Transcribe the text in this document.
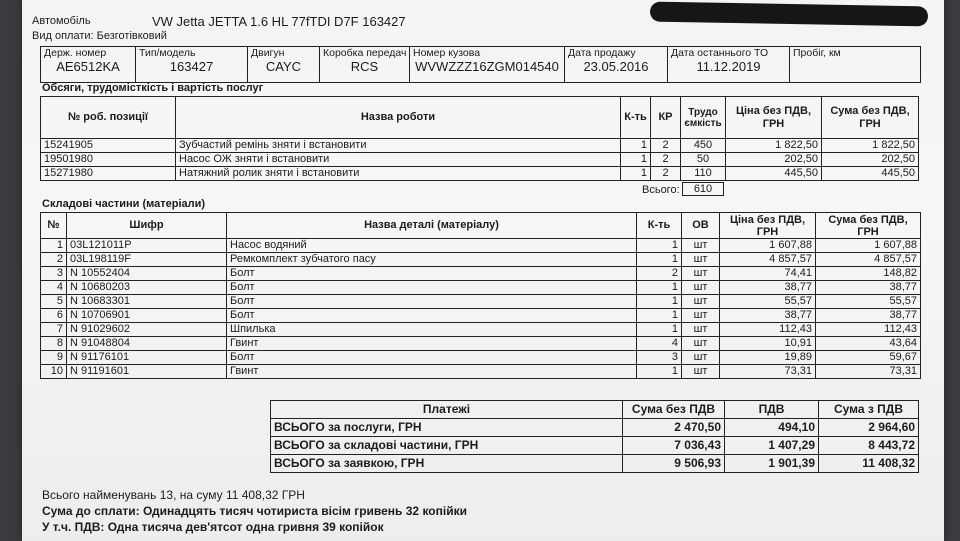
Автомобіль	VW Jetta JETTA 1.6 HL 77fTDI D7F 163427
Вид оплати: Безготівковий
Держ. номер
AE6512KA

Тип/модель
163427

Двигун
CAYC

Коробка передач
RCS

Номер кузова
WVWZZZ16ZGM014540

Дата продажу
23.05.2016

Дата останнього ТО
11.12.2019

Пробіг, км
Обсяги, трудомісткість і вартість послуг
№ роб. позиції	Назва роботи	К-ть	КР	Трудо ємкість	Ціна без ПДВ, ГРН	Сума без ПДВ, ГРН
15241905	Зубчастий ремінь зняти і встановити	1	2	450	1 822,50	1 822,50
19501980	Насос ОЖ зняти і встановити	1	2	50	202,50	202,50
15271980	Натяжний ролик зняти і встановити	1	2	110	445,50	445,50
Всього:	610
Складові частини (матеріали)
№	Шифр	Назва деталі (матеріалу)	К-ть	ОВ	Ціна без ПДВ, ГРН	Сума без ПДВ, ГРН
1	03L121011P	Насос водяний	1	шт	1 607,88	1 607,88
2	03L198119F	Ремкомплект зубчатого пасу	1	шт	4 857,57	4 857,57
3	N 10552404	Болт	2	шт	74,41	148,82
4	N 10680203	Болт	1	шт	38,77	38,77
5	N 10683301	Болт	1	шт	55,57	55,57
6	N 10706901	Болт	1	шт	38,77	38,77
7	N 91029602	Шпилька	1	шт	112,43	112,43
8	N 91048804	Гвинт	4	шт	10,91	43,64
9	N 91176101	Болт	3	шт	19,89	59,67
10	N 91191601	Гвинт	1	шт	73,31	73,31
Платежі	Сума без ПДВ	ПДВ	Сума з ПДВ
ВСЬОГО за послуги, ГРН	2 470,50	494,10	2 964,60
ВСЬОГО за складові частини, ГРН	7 036,43	1 407,29	8 443,72
ВСЬОГО за заявкою, ГРН	9 506,93	1 901,39	11 408,32
Всього найменувань 13, на суму 11 408,32 ГРН
Сума до сплати: Одинадцять тисяч чотириста вісім гривень 32 копійки
У т.ч. ПДВ: Одна тисяча дев'ятсот одна гривня 39 копійок
